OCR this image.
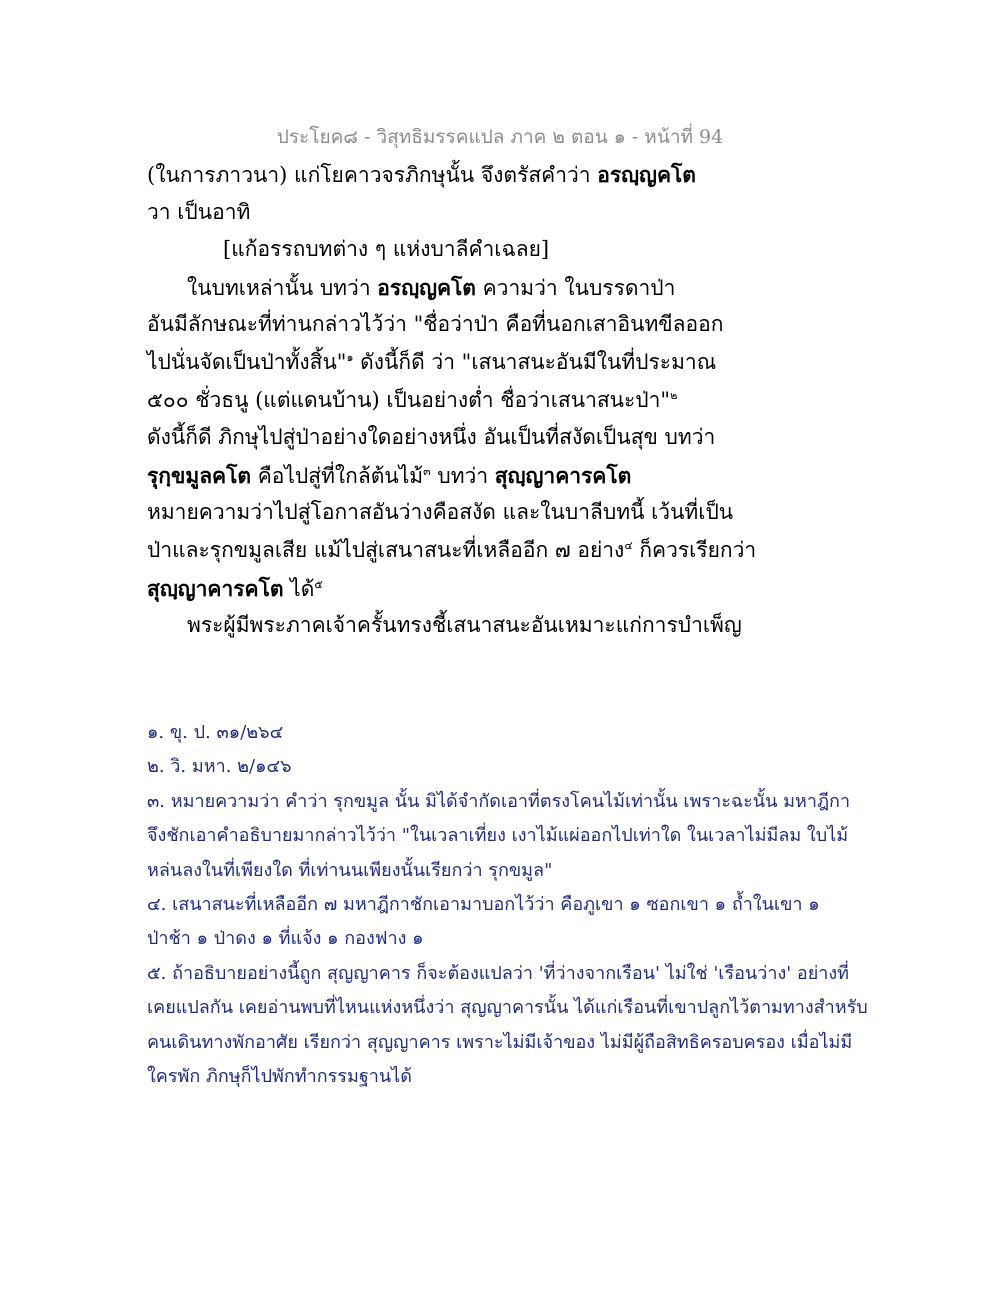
ประโยค๘ - วิสุทธิมรรคแปล ภาค ๒ ตอน ๑ - หน้าที่ 94
(ในการภาวนา) แก่โยคาวจรภิกษุนั้น จึงตรัสคำว่า อรญฺญคโต
วา เป็นอาทิ
[แก้อรรถบทต่าง ๆ แห่งบาลีคำเฉลย]
ในบทเหล่านั้น บทว่า อรญฺญคโต ความว่า ในบรรดาป่า
อันมีลักษณะที่ท่านกล่าวไว้ว่า "ชื่อว่าป่า คือที่นอกเสาอินทขีลออก
ไปนั่นจัดเป็นป่าทั้งสิ้น"$^๑$ ดังนี้ก็ดี ว่า "เสนาสนะอันมีในที่ประมาณ
๕๐๐ ชั่วธนู (แต่แดนบ้าน) เป็นอย่างต่ำ ชื่อว่าเสนาสนะป่า"$^๒$
ดังนี้ก็ดี ภิกษุไปสู่ป่าอย่างใดอย่างหนึ่ง อันเป็นที่สงัดเป็นสุข บทว่า
รุกฺขมูลคโต คือไปสู่ที่ใกล้ต้นไม้$^๓$ บทว่า สุญฺญาคารคโต
หมายความว่าไปสู่โอกาสอันว่างคือสงัด และในบาลีบทนี้ เว้นที่เป็น
ป่าและรุกขมูลเสีย แม้ไปสู่เสนาสนะที่เหลืออีก ๗ อย่าง$^๔$ ก็ควรเรียกว่า
สุญฺญาคารคโต ได้$^๕$
พระผู้มีพระภาคเจ้าครั้นทรงชี้เสนาสนะอันเหมาะแก่การบำเพ็ญ
๑. ขุ. ป. ๓๑/๒๖๔
๒. วิ. มหา. ๒/๑๔๖
๓. หมายความว่า คำว่า รุกขมูล นั้น มิได้จำกัดเอาที่ตรงโคนไม้เท่านั้น เพราะฉะนั้น มหาฎีกา
จึงชักเอาคำอธิบายมากล่าวไว้ว่า "ในเวลาเที่ยง เงาไม้แผ่ออกไปเท่าใด ในเวลาไม่มีลม ใบไม้
หล่นลงในที่เพียงใด ที่เท่านนเพียงนั้นเรียกว่า รุกขมูล"
๔. เสนาสนะที่เหลืออีก ๗ มหาฎีกาชักเอามาบอกไว้ว่า คือภูเขา ๑ ซอกเขา ๑ ถ้ำในเขา ๑
ป่าช้า ๑ ป่าดง ๑ ที่แจ้ง ๑ กองฟาง ๑
๕. ถ้าอธิบายอย่างนี้ถูก สุญญาคาร ก็จะต้องแปลว่า 'ที่ว่างจากเรือน' ไม่ใช่ 'เรือนว่าง' อย่างที่
เคยแปลกัน เคยอ่านพบที่ไหนแห่งหนึ่งว่า สุญญาคารนั้น ได้แก่เรือนที่เขาปลูกไว้ตามทางสำหรับ
คนเดินทางพักอาศัย เรียกว่า สุญญาคาร เพราะไม่มีเจ้าของ ไม่มีผู้ถือสิทธิครอบครอง เมื่อไม่มี
ใครพัก ภิกษุก็ไปพักทำกรรมฐานได้
